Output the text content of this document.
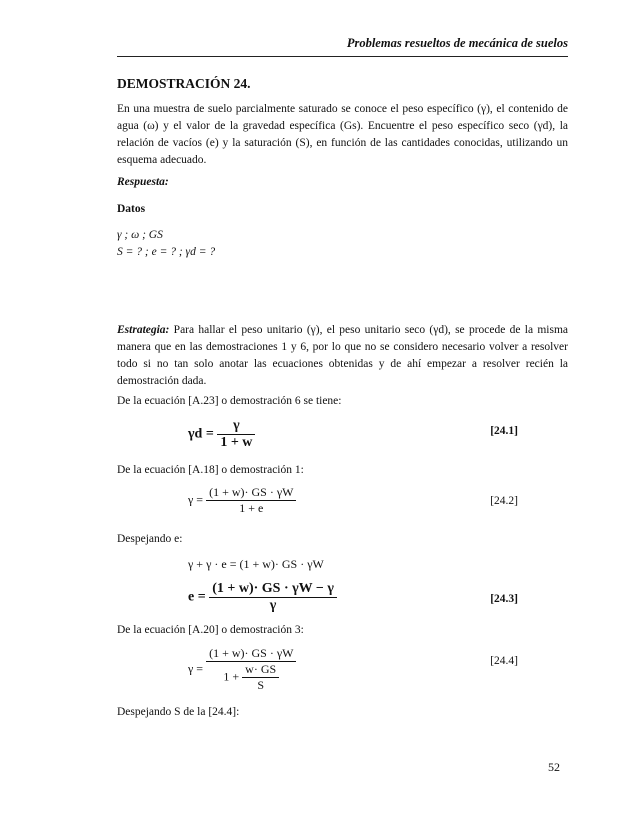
Problemas resueltos de mecánica de suelos
DEMOSTRACIÓN 24.
En una muestra de suelo parcialmente saturado se conoce el peso específico (γ), el contenido de agua (ω) y el valor de la gravedad específica (Gs). Encuentre el peso específico seco (γd), la relación de vacíos (e) y la saturación (S), en función de las cantidades conocidas, utilizando un esquema adecuado.
Respuesta:
Datos
γ ; ω ; GS
S = ? ; e = ? ; γd = ?
Estrategia: Para hallar el peso unitario (γ), el peso unitario seco (γd), se procede de la misma manera que en las demostraciones 1 y 6, por lo que no se considero necesario volver a resolver todo si no tan solo anotar las ecuaciones obtenidas y de ahí empezar a resolver recién la demostración dada.
De la ecuación [A.23] o demostración 6 se tiene:
$\gamma d = \frac{\gamma}{1 + w}$	[24.1]
De la ecuación [A.18] o demostración 1:
$\gamma = \frac{(1 + w)\cdot GS \cdot \gamma W}{1 + e}$	[24.2]
Despejando e:
γ + γ · e = (1 + w)· GS · γW
$e = \frac{(1 + w)\cdot GS \cdot \gamma W - \gamma}{\gamma}$	[24.3]
De la ecuación [A.20] o demostración 3:
$\gamma = \frac{(1 + w)\cdot GS \cdot \gamma W}{1 + \frac{w\cdot GS}{S}}$	[24.4]
Despejando S de la [24.4]:
52
